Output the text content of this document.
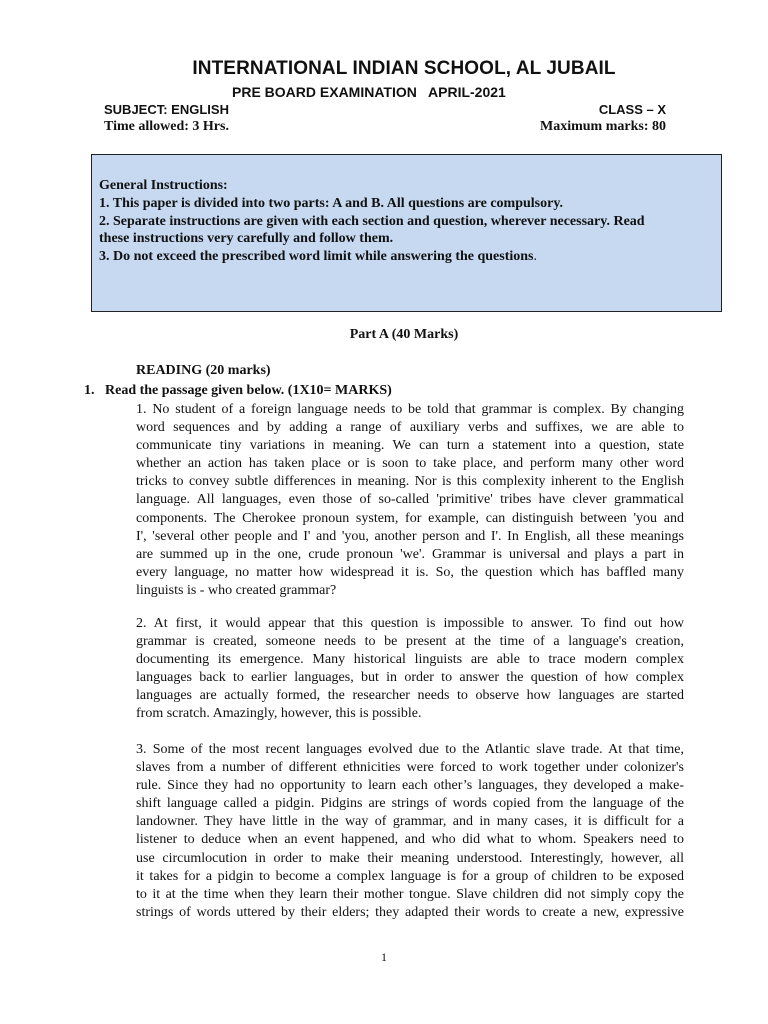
INTERNATIONAL INDIAN SCHOOL, AL JUBAIL

PRE BOARD EXAMINATION   APRIL-2021

SUBJECT: ENGLISH	CLASS – X

Time allowed: 3 Hrs.	Maximum marks: 80

General Instructions:

1. This paper is divided into two parts: A and B. All questions are compulsory.

2. Separate instructions are given with each section and question, wherever necessary. Read

these instructions very carefully and follow them.

3. Do not exceed the prescribed word limit while answering the questions.

Part A (40 Marks)

READING (20 marks)

1.   Read the passage given below. (1X10= MARKS)

1. No student of a foreign language needs to be told that grammar is complex. By changing

word sequences and by adding a range of auxiliary verbs and suffixes, we are able to

communicate tiny variations in meaning. We can turn a statement into a question, state

whether an action has taken place or is soon to take place, and perform many other word

tricks to convey subtle differences in meaning. Nor is this complexity inherent to the English

language. All languages, even those of so-called 'primitive' tribes have clever grammatical

components. The Cherokee pronoun system, for example, can distinguish between 'you and

I', 'several other people and I' and 'you, another person and I'. In English, all these meanings

are summed up in the one, crude pronoun 'we'. Grammar is universal and plays a part in

every language, no matter how widespread it is. So, the question which has baffled many

linguists is - who created grammar?

2. At first, it would appear that this question is impossible to answer. To find out how

grammar is created, someone needs to be present at the time of a language's creation,

documenting its emergence. Many historical linguists are able to trace modern complex

languages back to earlier languages, but in order to answer the question of how complex

languages are actually formed, the researcher needs to observe how languages are started

from scratch. Amazingly, however, this is possible.

3. Some of the most recent languages evolved due to the Atlantic slave trade. At that time,

slaves from a number of different ethnicities were forced to work together under colonizer's

rule. Since they had no opportunity to learn each other’s languages, they developed a make-

shift language called a pidgin. Pidgins are strings of words copied from the language of the

landowner. They have little in the way of grammar, and in many cases, it is difficult for a

listener to deduce when an event happened, and who did what to whom. Speakers need to

use circumlocution in order to make their meaning understood. Interestingly, however, all

it takes for a pidgin to become a complex language is for a group of children to be exposed

to it at the time when they learn their mother tongue. Slave children did not simply copy the

strings of words uttered by their elders; they adapted their words to create a new, expressive

1
